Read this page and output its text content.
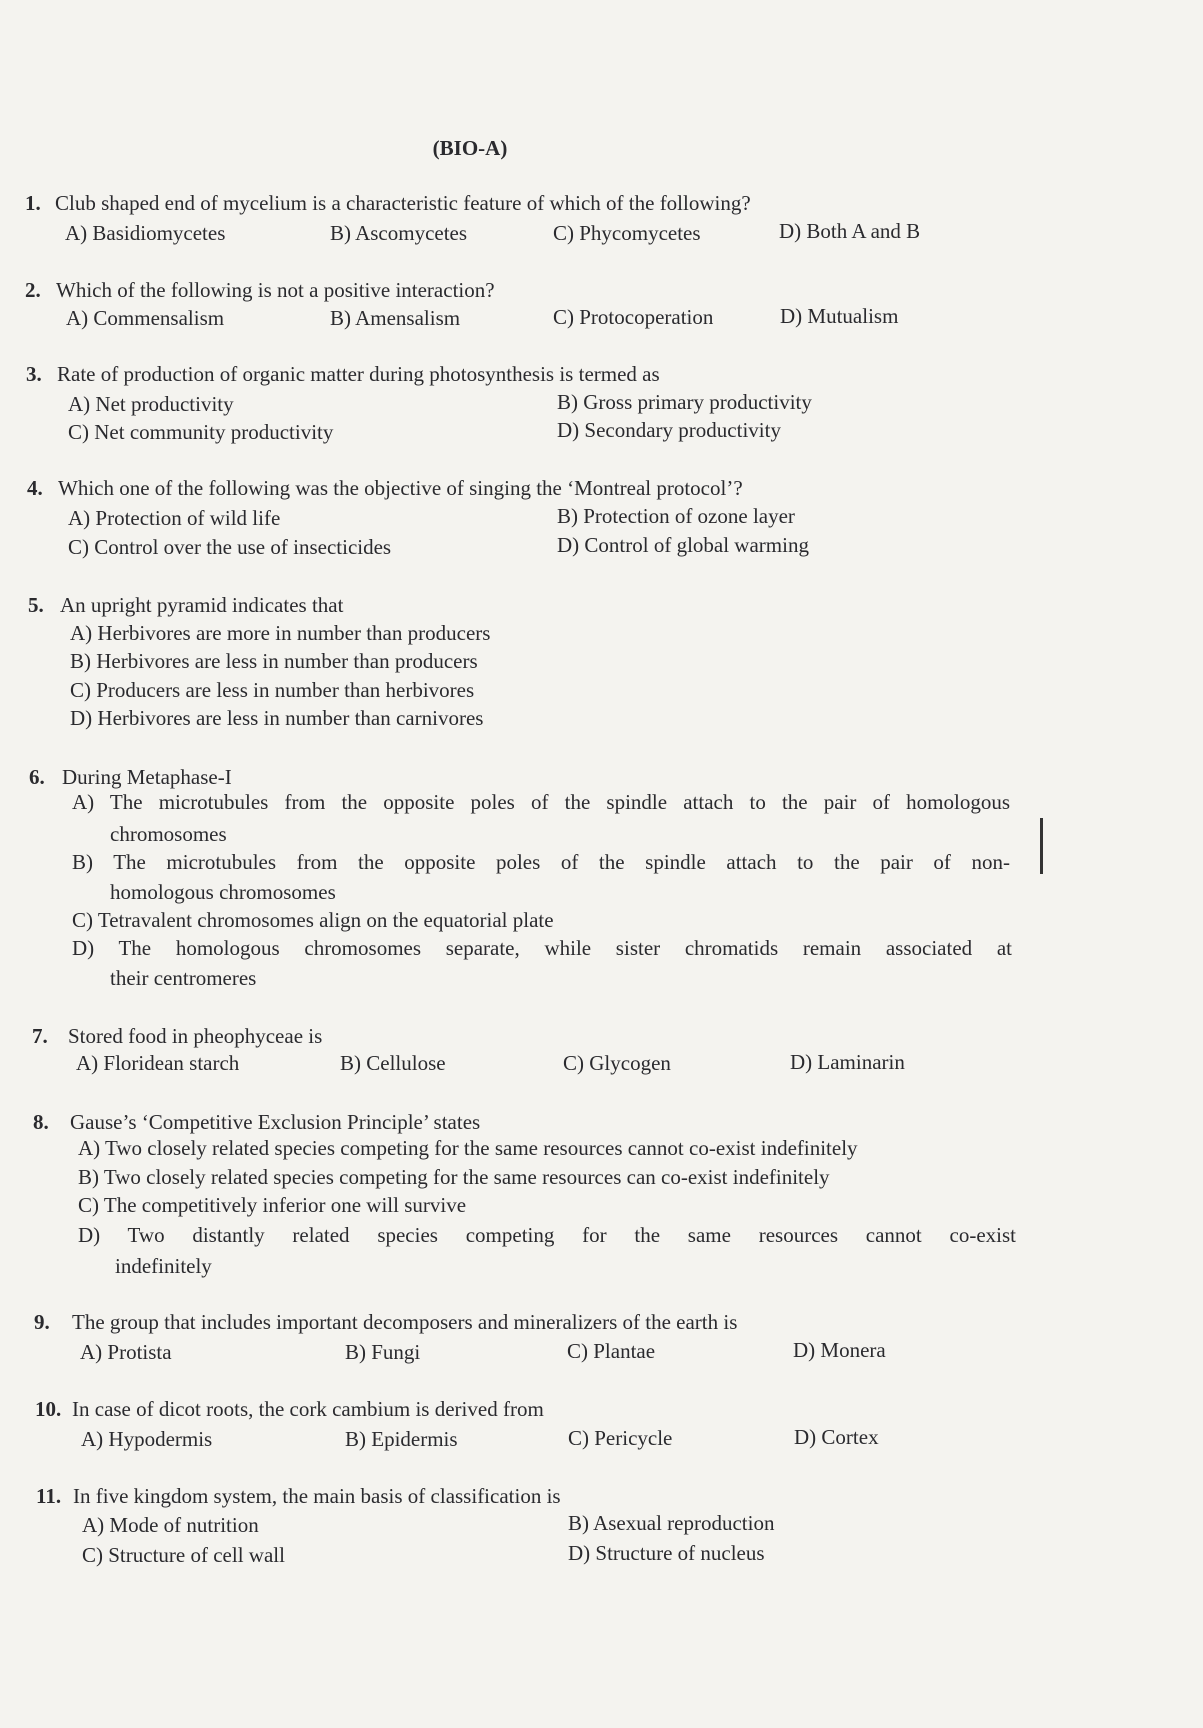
(BIO-A)
1. Club shaped end of mycelium is a characteristic feature of which of the following?
A) Basidiomycetes	B) Ascomycetes	C) Phycomycetes	D) Both A and B
2. Which of the following is not a positive interaction?
A) Commensalism	B) Amensalism	C) Protocoperation	D) Mutualism
3. Rate of production of organic matter during photosynthesis is termed as
A) Net productivity	B) Gross primary productivity
C) Net community productivity	D) Secondary productivity
4. Which one of the following was the objective of singing the ‘Montreal protocol’?
A) Protection of wild life	B) Protection of ozone layer
C) Control over the use of insecticides	D) Control of global warming
5. An upright pyramid indicates that
A) Herbivores are more in number than producers
B) Herbivores are less in number than producers
C) Producers are less in number than herbivores
D) Herbivores are less in number than carnivores
6. During Metaphase-I
A) The microtubules from the opposite poles of the spindle attach to the pair of homologous
chromosomes
B) The microtubules from the opposite poles of the spindle attach to the pair of non-
homologous chromosomes
C) Tetravalent chromosomes align on the equatorial plate
D) The homologous chromosomes separate, while sister chromatids remain associated at
their centromeres
7. Stored food in pheophyceae is
A) Floridean starch	B) Cellulose	C) Glycogen	D) Laminarin
8. Gause’s ‘Competitive Exclusion Principle’ states
A) Two closely related species competing for the same resources cannot co-exist indefinitely
B) Two closely related species competing for the same resources can co-exist indefinitely
C) The competitively inferior one will survive
D) Two distantly related species competing for the same resources cannot co-exist
indefinitely
9. The group that includes important decomposers and mineralizers of the earth is
A) Protista	B) Fungi	C) Plantae	D) Monera
10. In case of dicot roots, the cork cambium is derived from
A) Hypodermis	B) Epidermis	C) Pericycle	D) Cortex
11. In five kingdom system, the main basis of classification is
A) Mode of nutrition	B) Asexual reproduction
C) Structure of cell wall	D) Structure of nucleus
